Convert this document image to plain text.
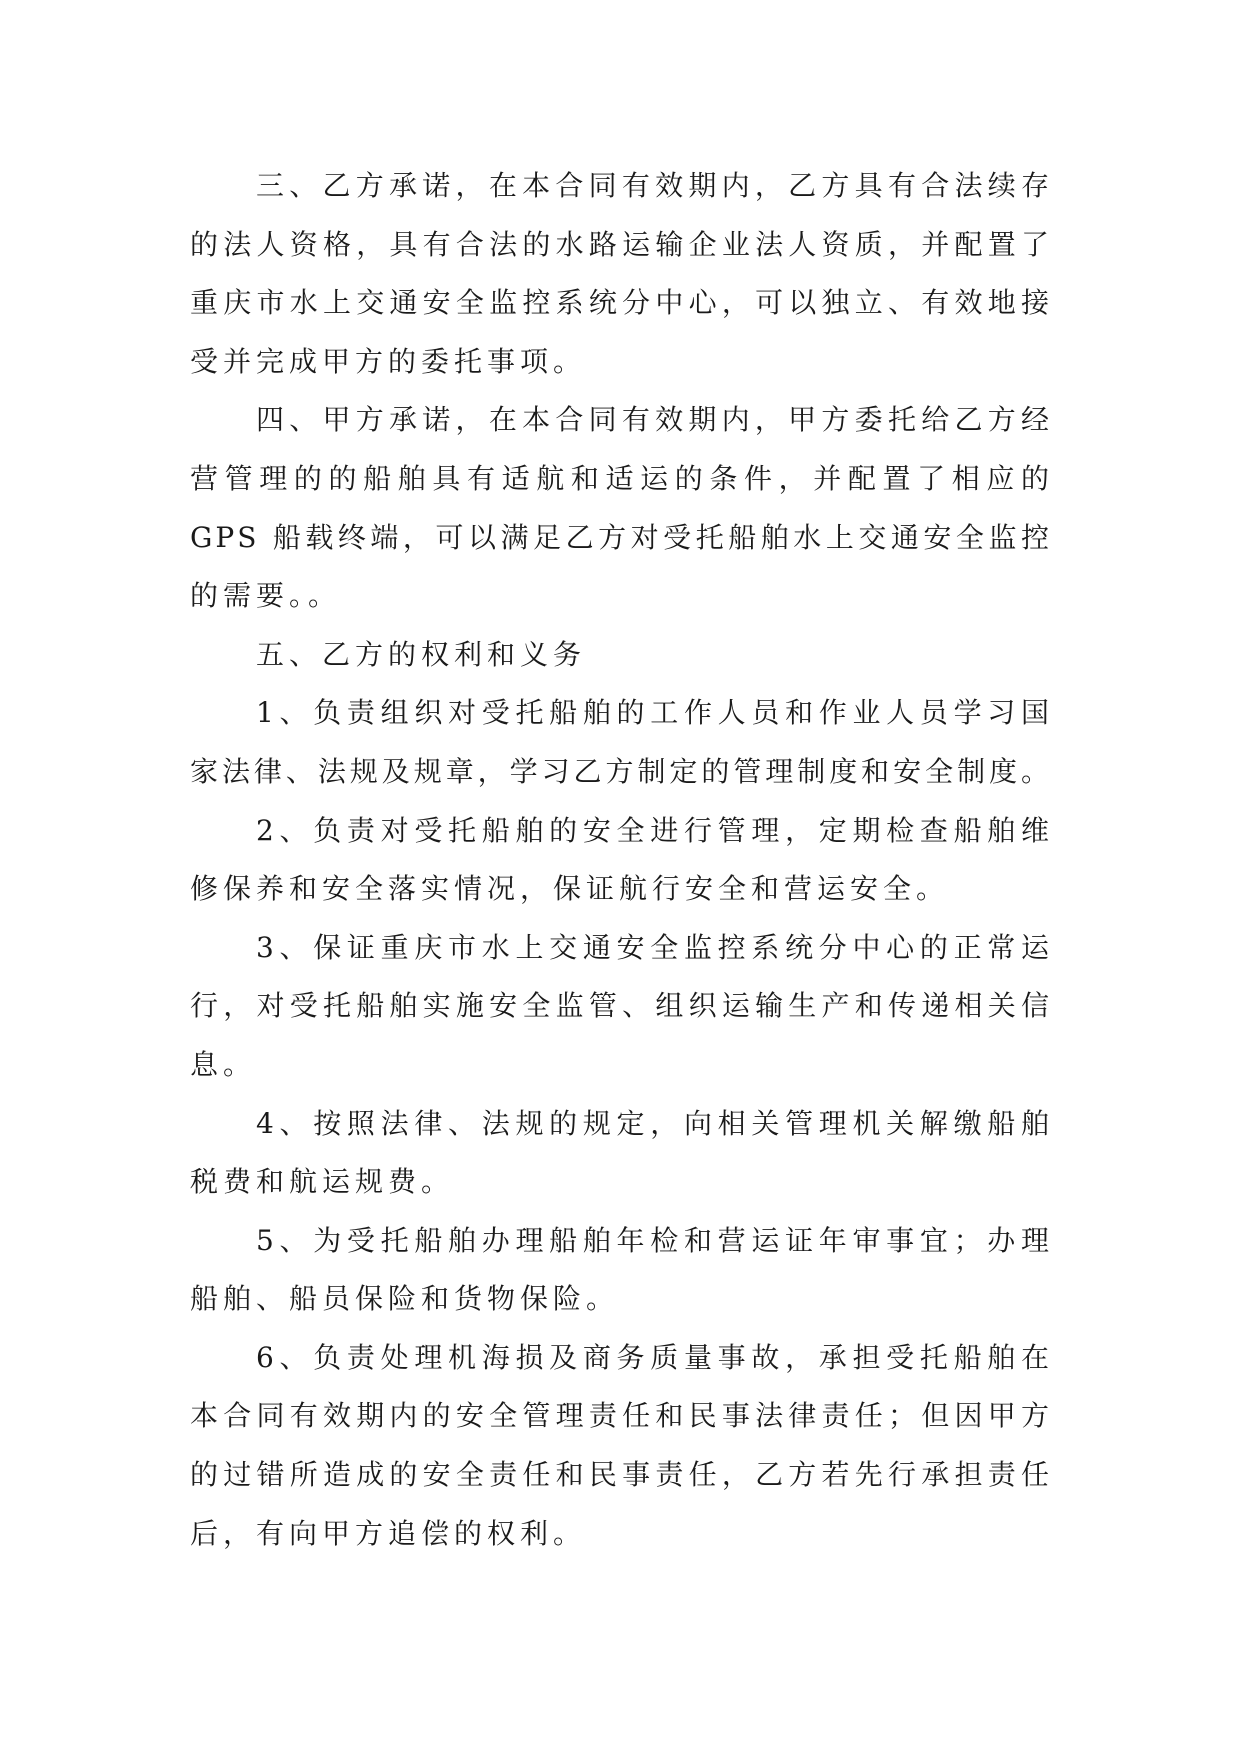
三、乙方承诺，在本合同有效期内，乙方具有合法续存
的法人资格，具有合法的水路运输企业法人资质，并配置了
重庆市水上交通安全监控系统分中心，可以独立、有效地接
受并完成甲方的委托事项。
四、甲方承诺，在本合同有效期内，甲方委托给乙方经
营管理的的船舶具有适航和适运的条件，并配置了相应的
GPS 船载终端，可以满足乙方对受托船舶水上交通安全监控
的需要。。
五、乙方的权利和义务
1、负责组织对受托船舶的工作人员和作业人员学习国
家法律、法规及规章，学习乙方制定的管理制度和安全制度。
2、负责对受托船舶的安全进行管理，定期检查船舶维
修保养和安全落实情况，保证航行安全和营运安全。
3、保证重庆市水上交通安全监控系统分中心的正常运
行，对受托船舶实施安全监管、组织运输生产和传递相关信
息。
4、按照法律、法规的规定，向相关管理机关解缴船舶
税费和航运规费。
5、为受托船舶办理船舶年检和营运证年审事宜；办理
船舶、船员保险和货物保险。
6、负责处理机海损及商务质量事故，承担受托船舶在
本合同有效期内的安全管理责任和民事法律责任；但因甲方
的过错所造成的安全责任和民事责任，乙方若先行承担责任
后，有向甲方追偿的权利。
